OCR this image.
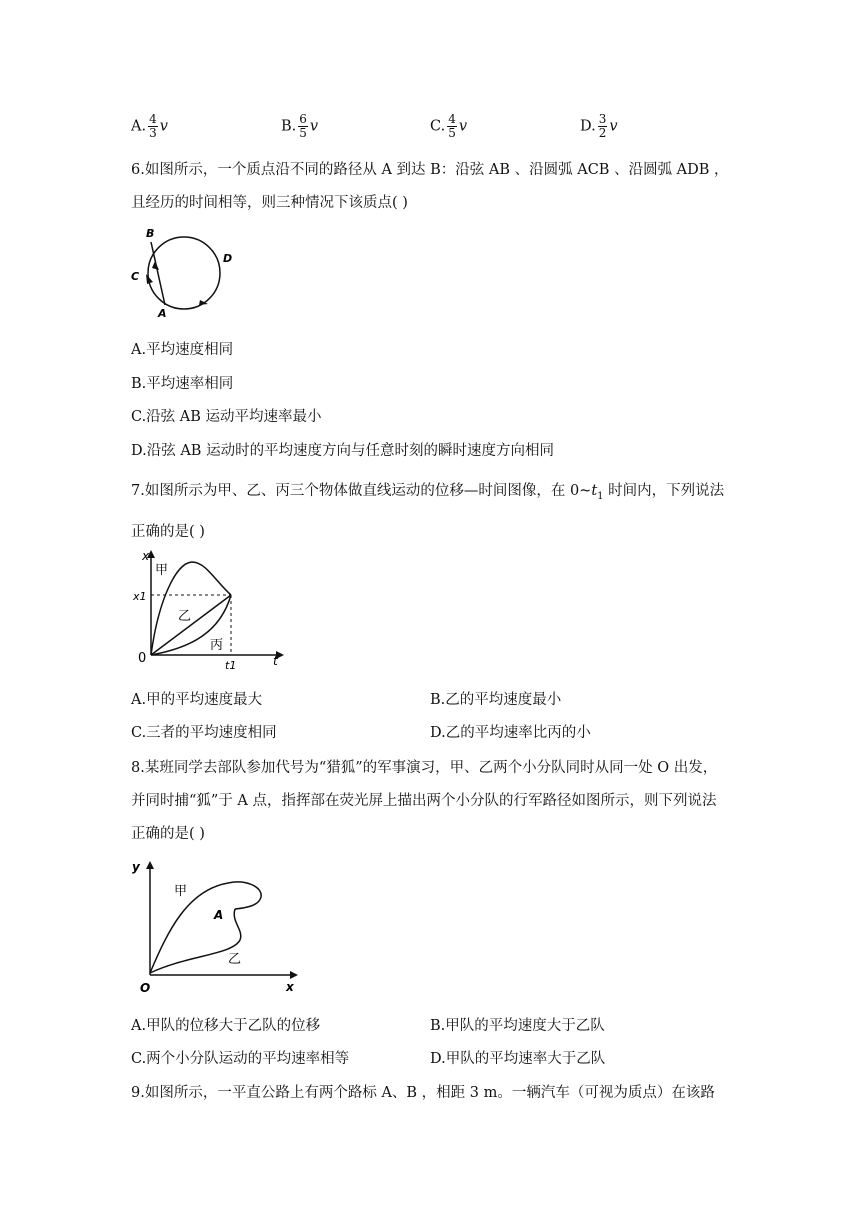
A. $\frac{4}{3}$ v	B. $\frac{6}{5}$ v	C. $\frac{4}{5}$ v	D. $\frac{3}{2}$ v
6.如图所示，一个质点沿不同的路径从 A 到达 B：沿弦 AB 、沿圆弧 ACB 、沿圆弧 ADB ，
且经历的时间相等，则三种情况下该质点( )
B
C
D
A
A.平均速度相同
B.平均速率相同
C.沿弦 AB 运动平均速率最小
D.沿弦 AB 运动时的平均速度方向与任意时刻的瞬时速度方向相同
7.如图所示为甲、乙、丙三个物体做直线运动的位移—时间图像，在 $0\sim t_1$ 时间内，下列说法
正确的是( )
x
甲
x1
乙
丙
0	t1	t
A.甲的平均速度最大	B.乙的平均速度最小
C.三者的平均速度相同	D.乙的平均速率比丙的小
8.某班同学去部队参加代号为“猎狐”的军事演习，甲、乙两个小分队同时从同一处 O 出发，
并同时捕“狐”于 A 点，指挥部在荧光屏上描出两个小分队的行军路径如图所示，则下列说法
正确的是( )
y
甲
A
乙
O	x
A.甲队的位移大于乙队的位移	B.甲队的平均速度大于乙队
C.两个小分队运动的平均速率相等	D.甲队的平均速率大于乙队
9.如图所示，一平直公路上有两个路标 A、B ，相距 3 m。一辆汽车（可视为质点）在该路
